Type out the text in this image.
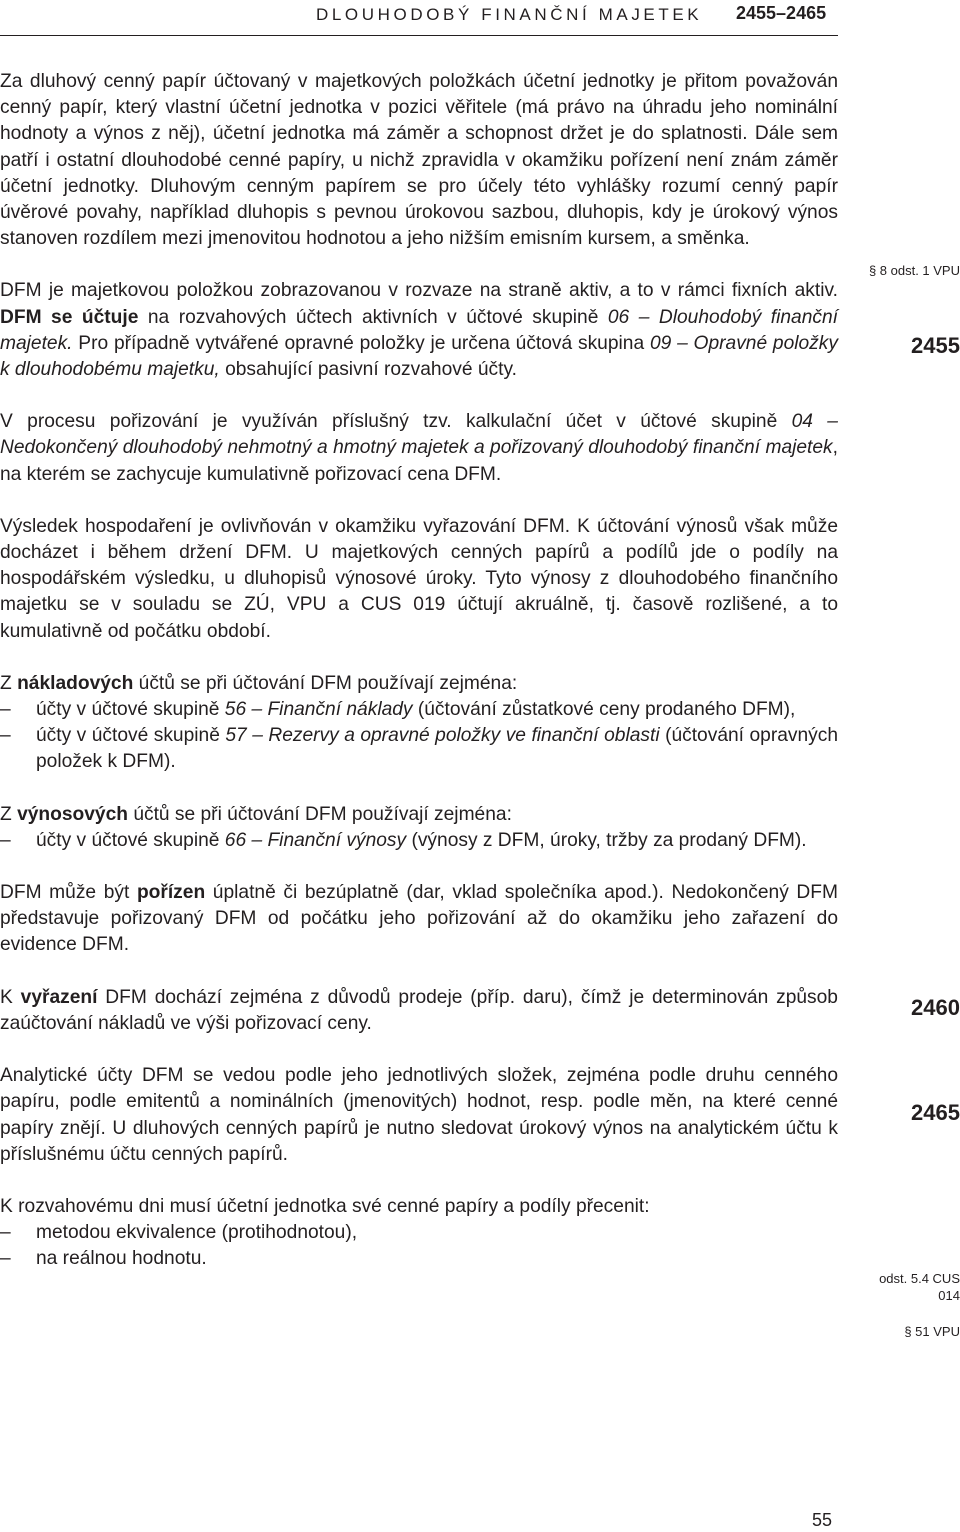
DLOUHODOBÝ FINANČNÍ MAJETEK 2455–2465

Za dluhový cenný papír účtovaný v majetkových položkách účetní jednotky je přitom považován cenný papír, který vlastní účetní jednotka v pozici věřitele (má právo na úhradu jeho nominální hodnoty a výnos z něj), účetní jednotka má záměr a schopnost držet je do splatnosti. Dále sem patří i ostatní dlouhodobé cenné papíry, u nichž zpravidla v okamžiku pořízení není znám záměr účetní jednotky. Dluhovým cenným papírem se pro účely této vyhlášky rozumí cenný papír úvěrové povahy, například dluhopis s pevnou úrokovou sazbou, dluhopis, kdy je úrokový výnos stanoven rozdílem mezi jmenovitou hodnotou a jeho nižším emisním kursem, a směnka.

DFM je majetkovou položkou zobrazovanou v rozvaze na straně aktiv, a to v rámci fixních aktiv. DFM se účtuje na rozvahových účtech aktivních v účtové skupině 06 – Dlouhodobý finanční majetek. Pro případně vytvářené opravné položky je určena účtová skupina 09 – Opravné položky k dlouhodobému majetku, obsahující pasivní rozvahové účty.

V procesu pořizování je využíván příslušný tzv. kalkulační účet v účtové skupině 04 – Nedokončený dlouhodobý nehmotný a hmotný majetek a pořizovaný dlouhodobý finanční majetek, na kterém se zachycuje kumulativně pořizovací cena DFM.

Výsledek hospodaření je ovlivňován v okamžiku vyřazování DFM. K účtování výnosů však může docházet i během držení DFM. U majetkových cenných papírů a podílů jde o podíly na hospodářském výsledku, u dluhopisů výnosové úroky. Tyto výnosy z dlouhodobého finančního majetku se v souladu se ZÚ, VPU a CUS 019 účtují akruálně, tj. časově rozlišené, a to kumulativně od počátku období.

Z nákladových účtů se při účtování DFM používají zejména:

– účty v účtové skupině 56 – Finanční náklady (účtování zůstatkové ceny prodaného DFM),
– účty v účtové skupině 57 – Rezervy a opravné položky ve finanční oblasti (účtování opravných položek k DFM).

Z výnosových účtů se při účtování DFM používají zejména:

– účty v účtové skupině 66 – Finanční výnosy (výnosy z DFM, úroky, tržby za prodaný DFM).

DFM může být pořízen úplatně či bezúplatně (dar, vklad společníka apod.). Nedokončený DFM představuje pořizovaný DFM od počátku jeho pořizování až do okamžiku jeho zařazení do evidence DFM.

K vyřazení DFM dochází zejména z důvodů prodeje (příp. daru), čímž je determinován způsob zaúčtování nákladů ve výši pořizovací ceny.

Analytické účty DFM se vedou podle jeho jednotlivých složek, zejména podle druhu cenného papíru, podle emitentů a nominálních (jmenovitých) hodnot, resp. podle měn, na které cenné papíry znějí. U dluhových cenných papírů je nutno sledovat úrokový výnos na analytickém účtu k příslušnému účtu cenných papírů.

K rozvahovému dni musí účetní jednotka své cenné papíry a podíly přecenit:

– metodou ekvivalence (protihodnotou),
– na reálnou hodnotu.
§ 8 odst. 1 VPU
2455
2460
2465
odst. 5.4 CUS
014
§ 51 VPU
55
